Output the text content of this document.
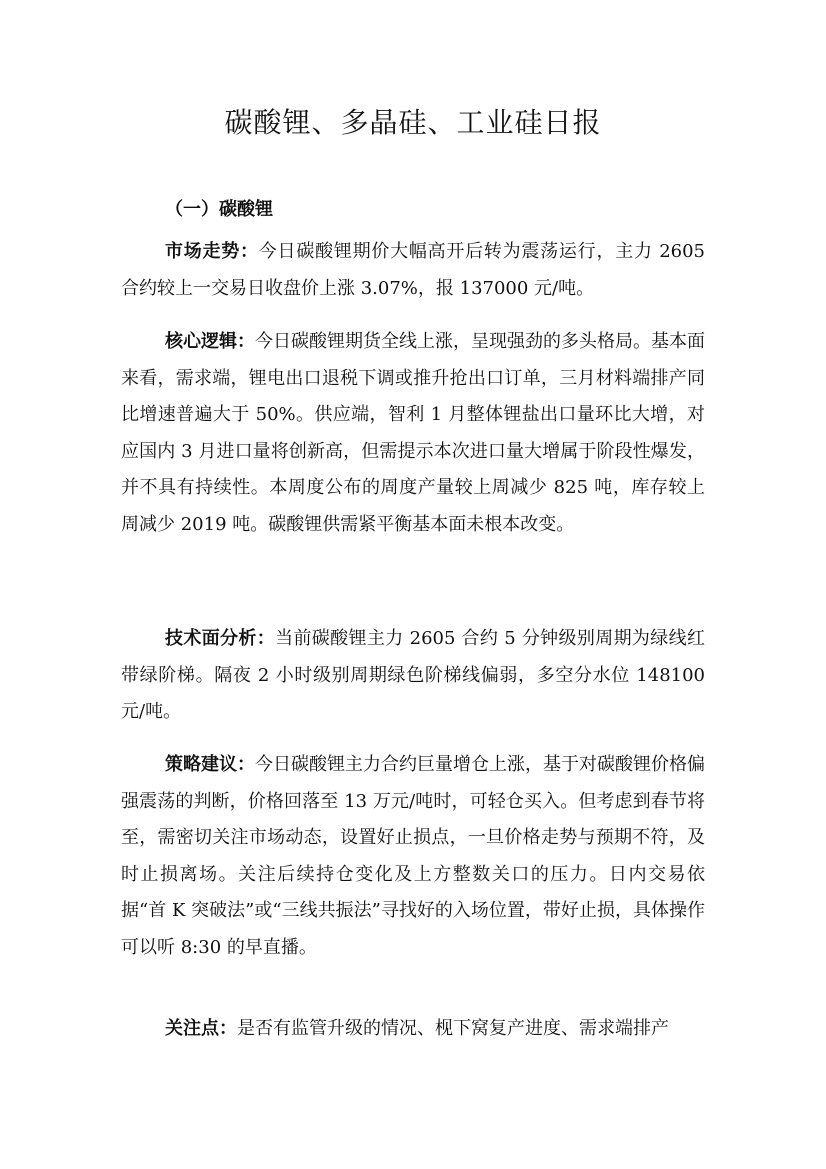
碳酸锂、多晶硅、工业硅日报
（一）碳酸锂

市场走势：今日碳酸锂期价大幅高开后转为震荡运行，主力 2605 合约较上一交易日收盘价上涨 3.07%，报 137000 元/吨。

核心逻辑：今日碳酸锂期货全线上涨，呈现强劲的多头格局。基本面来看，需求端，锂电出口退税下调或推升抢出口订单，三月材料端排产同比增速普遍大于 50%。供应端，智利 1 月整体锂盐出口量环比大增，对应国内 3 月进口量将创新高，但需提示本次进口量大增属于阶段性爆发，并不具有持续性。本周度公布的周度产量较上周减少 825 吨，库存较上周减少 2019 吨。碳酸锂供需紧平衡基本面未根本改变。

技术面分析：当前碳酸锂主力 2605 合约 5 分钟级别周期为绿线红带绿阶梯。隔夜 2 小时级别周期绿色阶梯线偏弱，多空分水位 148100 元/吨。

策略建议：今日碳酸锂主力合约巨量增仓上涨，基于对碳酸锂价格偏强震荡的判断，价格回落至 13 万元/吨时，可轻仓买入。但考虑到春节将至，需密切关注市场动态，设置好止损点，一旦价格走势与预期不符，及时止损离场。关注后续持仓变化及上方整数关口的压力。日内交易依据“首 K 突破法”或“三线共振法”寻找好的入场位置，带好止损，具体操作可以听 8:30 的早直播。

关注点：是否有监管升级的情况、枧下窝复产进度、需求端排产
